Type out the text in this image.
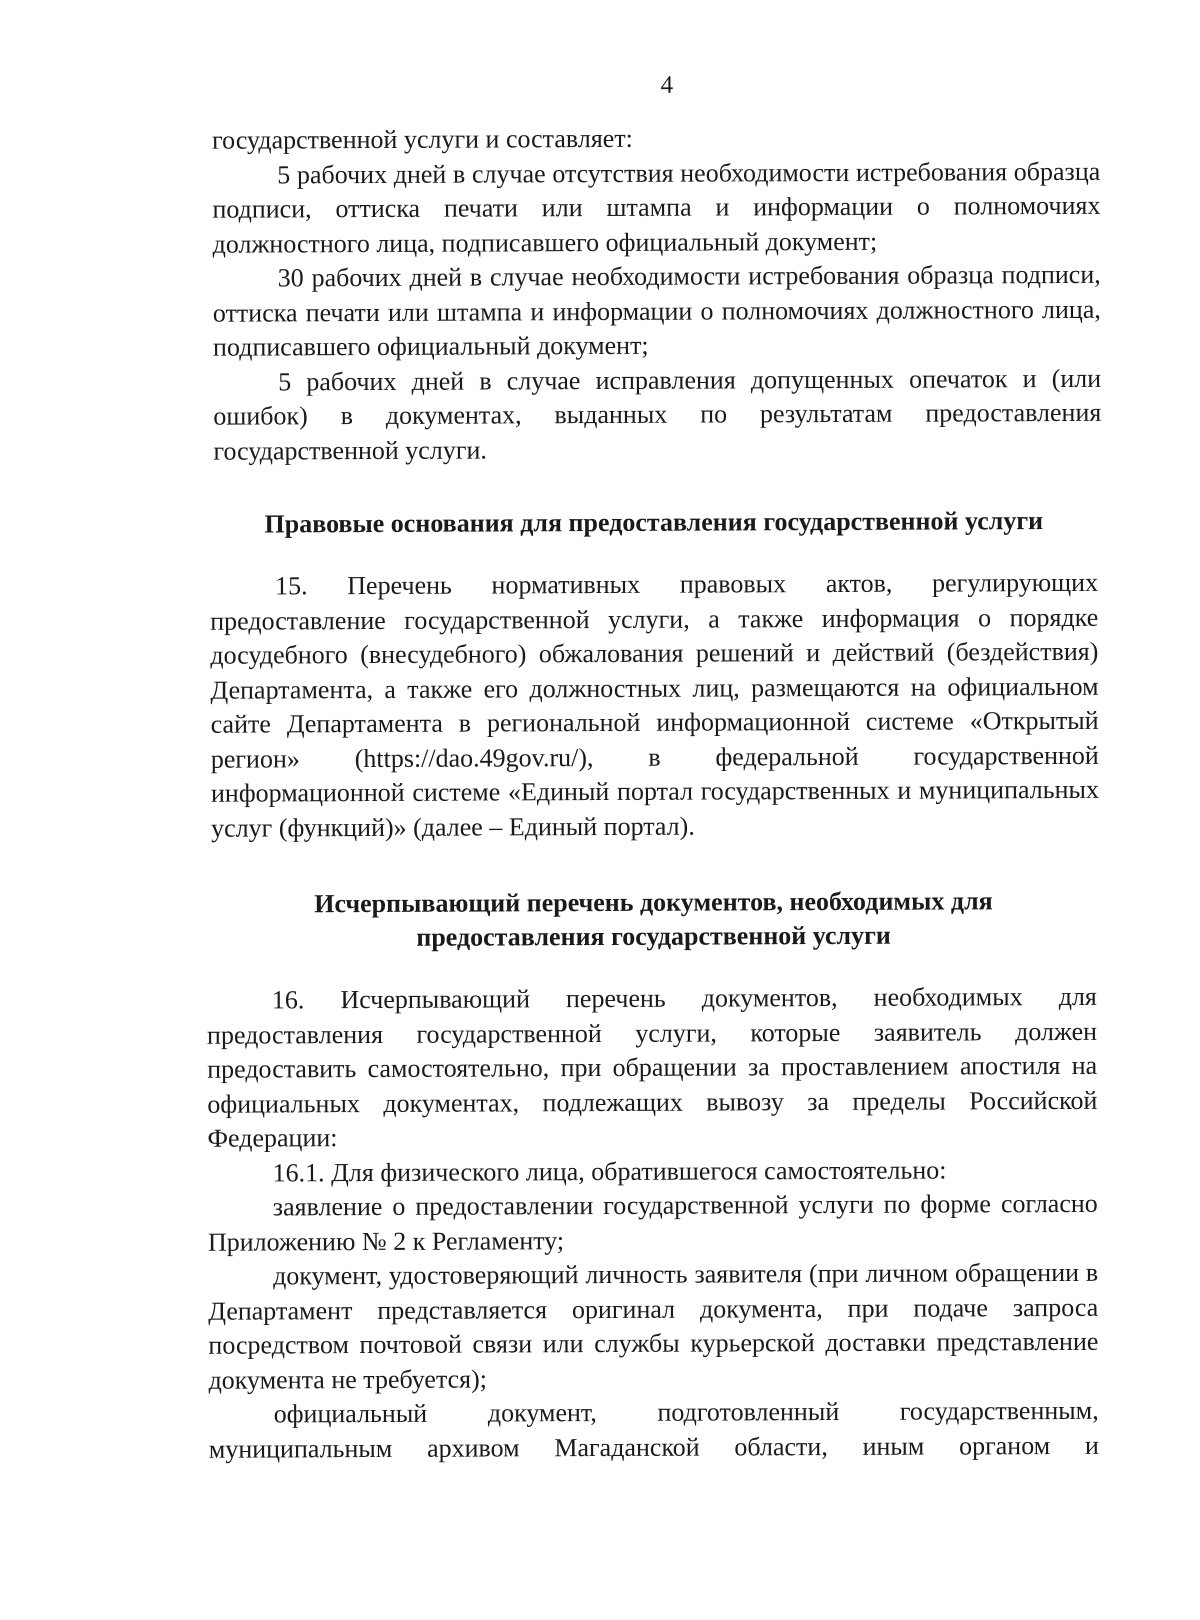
4

государственной услуги и составляет:

5 рабочих дней в случае отсутствия необходимости истребования образца подписи, оттиска печати или штампа и информации о полномочиях должностного лица, подписавшего официальный документ;

30 рабочих дней в случае необходимости истребования образца подписи, оттиска печати или штампа и информации о полномочиях должностного лица, подписавшего официальный документ;

5 рабочих дней в случае исправления допущенных опечаток и (или ошибок) в документах, выданных по результатам предоставления государственной услуги.

Правовые основания для предоставления государственной услуги

15. Перечень нормативных правовых актов, регулирующих предоставление государственной услуги, а также информация о порядке досудебного (внесудебного) обжалования решений и действий (бездействия) Департамента, а также его должностных лиц, размещаются на официальном сайте Департамента в региональной информационной системе «Открытый регион» (https://dao.49gov.ru/), в федеральной государственной информационной системе «Единый портал государственных и муниципальных услуг (функций)» (далее – Единый портал).

Исчерпывающий перечень документов, необходимых для
предоставления государственной услуги

16. Исчерпывающий перечень документов, необходимых для предоставления государственной услуги, которые заявитель должен предоставить самостоятельно, при обращении за проставлением апостиля на официальных документах, подлежащих вывозу за пределы Российской Федерации:

16.1. Для физического лица, обратившегося самостоятельно:

заявление о предоставлении государственной услуги по форме согласно Приложению № 2 к Регламенту;

документ, удостоверяющий личность заявителя (при личном обращении в Департамент представляется оригинал документа, при подаче запроса посредством почтовой связи или службы курьерской доставки представление документа не требуется);

официальный документ, подготовленный государственным, муниципальным архивом Магаданской области, иным органом и
